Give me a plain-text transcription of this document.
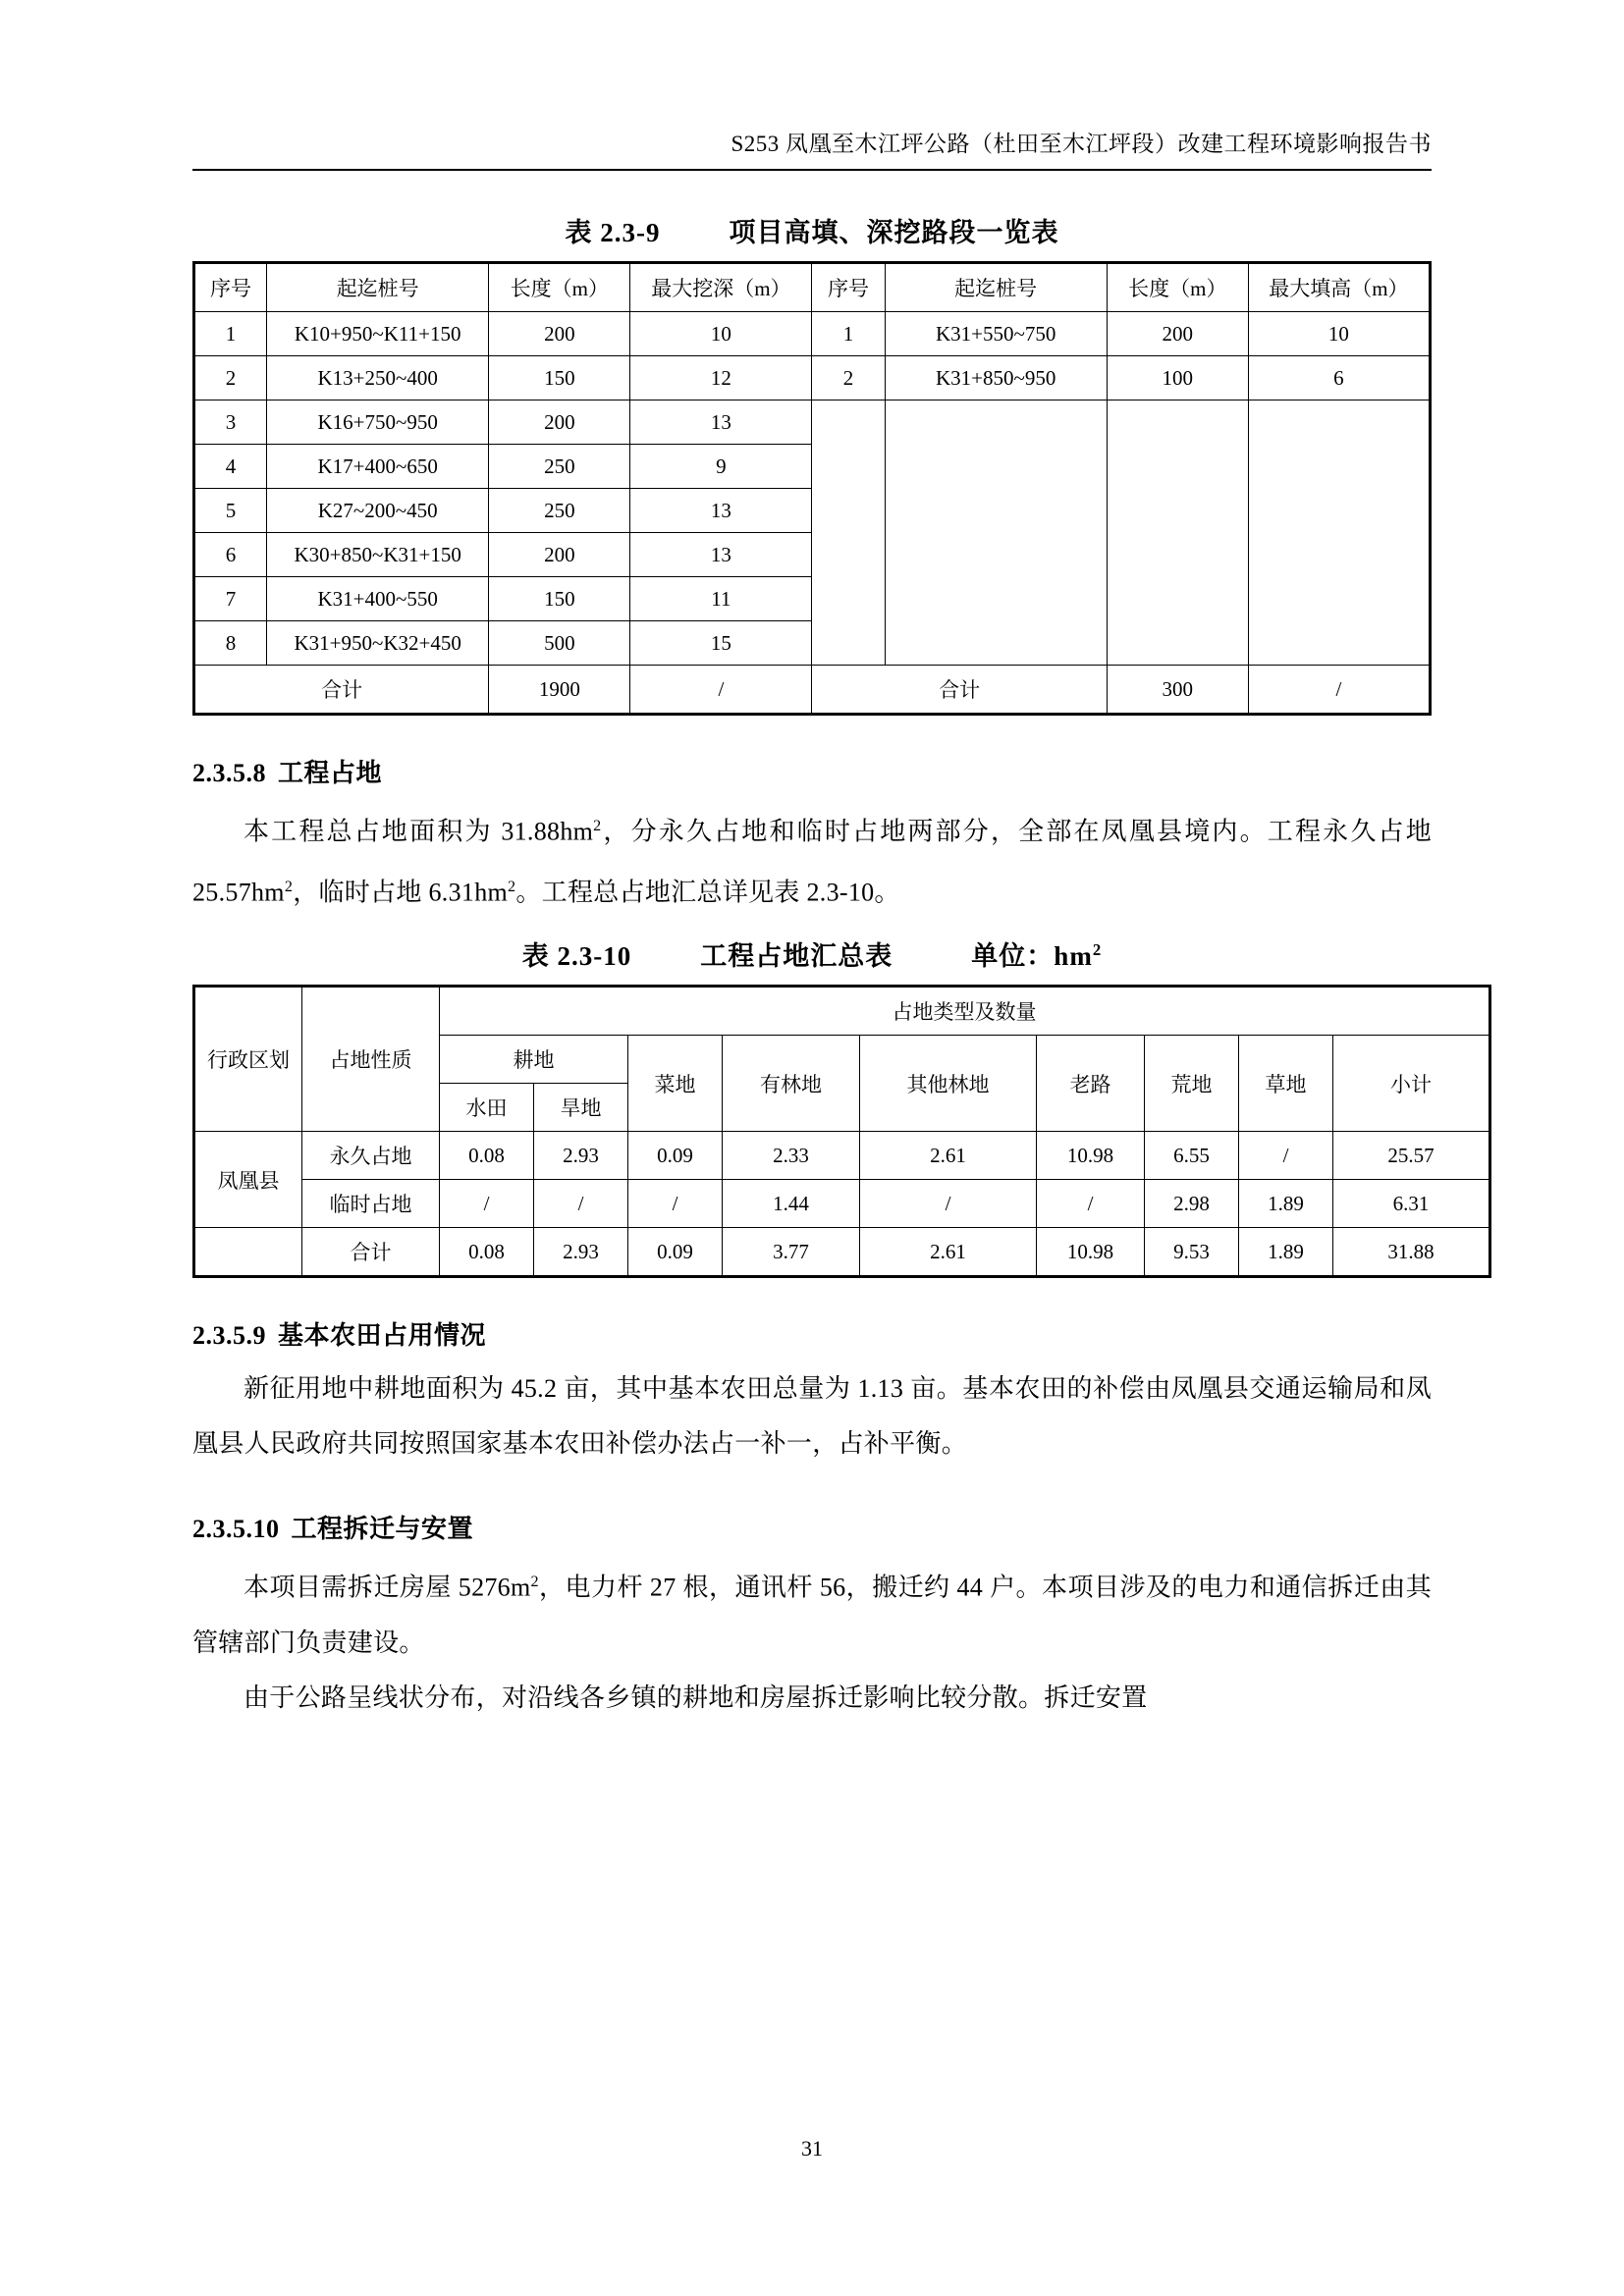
S253 凤凰至木江坪公路（杜田至木江坪段）改建工程环境影响报告书
表 2.3-9	项目高填、深挖路段一览表
序号	起迄桩号	长度（m）	最大挖深（m）	序号	起迄桩号	长度（m）	最大填高（m）
1	K10+950~K11+150	200	10	1	K31+550~750	200	10
2	K13+250~400	150	12	2	K31+850~950	100	6
3	K16+750~950	200	13				
4	K17+400~650	250	9				
5	K27~200~450	250	13				
6	K30+850~K31+150	200	13				
7	K31+400~550	150	11				
8	K31+950~K32+450	500	15				
合计		1900	/	合计		300	/
2.3.5.8 工程占地

本工程总占地面积为 $31.88hm^2$，分永久占地和临时占地两部分，全部在凤凰县境内。工程永久占地 $25.57hm^2$，临时占地 $6.31hm^2$。工程总占地汇总详见表 2.3-10。

表 2.3-10	工程占地汇总表	单位：$hm^2$
行政区划	占地性质	占地类型及数量								
		耕地		菜地	有林地	其他林地	老路	荒地	草地	小计
		水田	旱地							
凤凰县	永久占地	0.08	2.93	0.09	2.33	2.61	10.98	6.55	/	25.57
	临时占地	/	/	/	1.44	/	/	2.98	1.89	6.31
	合计	0.08	2.93	0.09	3.77	2.61	10.98	9.53	1.89	31.88
2.3.5.9 基本农田占用情况

新征用地中耕地面积为 45.2 亩，其中基本农田总量为 1.13 亩。基本农田的补偿由凤凰县交通运输局和凤凰县人民政府共同按照国家基本农田补偿办法占一补一，占补平衡。

2.3.5.10 工程拆迁与安置

本项目需拆迁房屋 $5276m^2$，电力杆 27 根，通讯杆 56，搬迁约 44 户。本项目涉及的电力和通信拆迁由其管辖部门负责建设。

由于公路呈线状分布，对沿线各乡镇的耕地和房屋拆迁影响比较分散。拆迁安置

31
